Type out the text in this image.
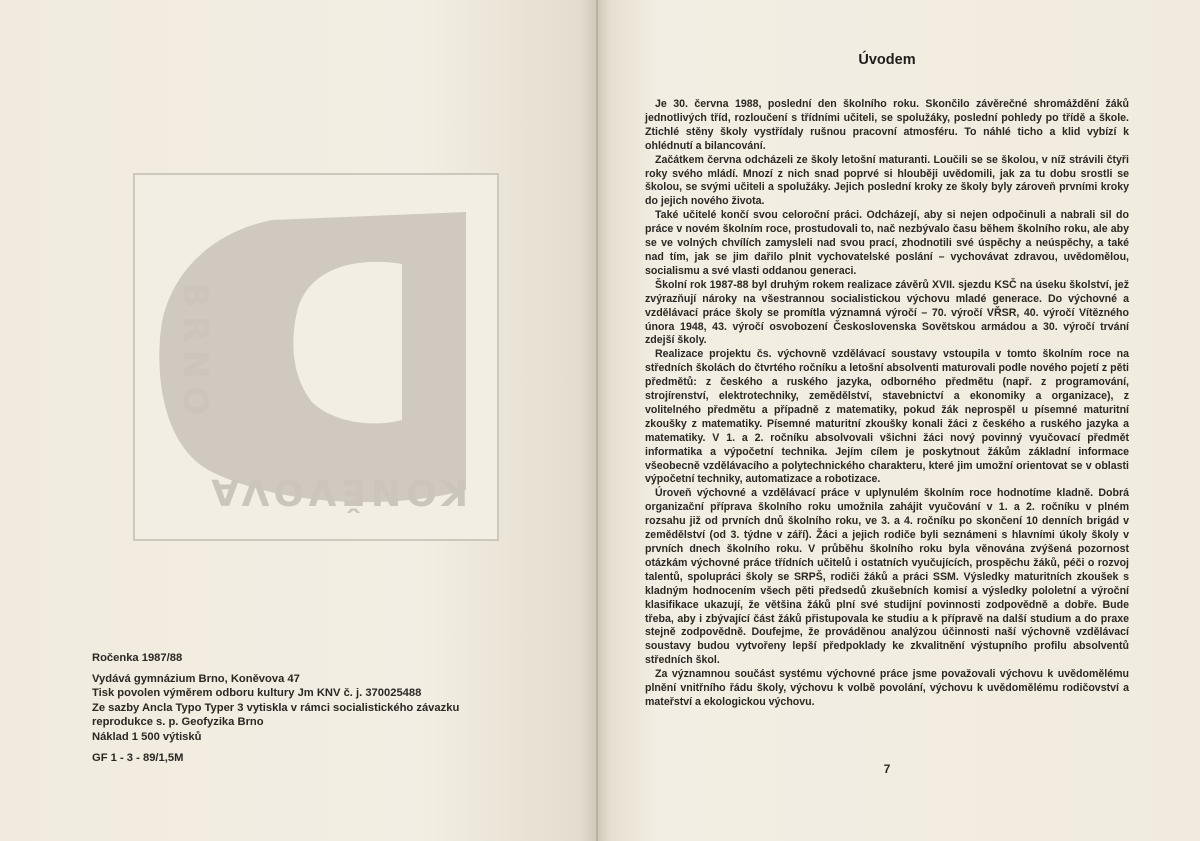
BRNO
KONĚVOVA
Ročenka 1987/88
Vydává gymnázium Brno, Koněvova 47
Tisk povolen výměrem odboru kultury Jm KNV č. j. 370025488
Ze sazby Ancla Typo Typer 3 vytiskla v rámci socialistického závazku
reprodukce s. p. Geofyzika Brno
Náklad 1 500 výtisků
GF 1 - 3 - 89/1,5M
Úvodem

Je 30. června 1988, poslední den školního roku. Skončilo závěrečné shromáždění žáků jednotlivých tříd, rozloučení s třídními učiteli, se spolužáky, poslední pohledy po třídě a škole. Ztichlé stěny školy vystřídaly rušnou pracovní atmosféru. To náhlé ticho a klid vybízí k ohlédnutí a bilancování.

Začátkem června odcházeli ze školy letošní maturanti. Loučili se se školou, v níž strávili čtyři roky svého mládí. Mnozí z nich snad poprvé si hlouběji uvědomili, jak za tu dobu srostli se školou, se svými učiteli a spolužáky. Jejich poslední kroky ze školy byly zároveň prvními kroky do jejich nového života.

Také učitelé končí svou celoroční práci. Odcházejí, aby si nejen odpočinuli a nabrali sil do práce v novém školním roce, prostudovali to, nač nezbývalo času během školního roku, ale aby se ve volných chvílích zamysleli nad svou prací, zhodnotili své úspěchy a neúspěchy, a také nad tím, jak se jim dařilo plnit vychovatelské poslání – vychovávat zdravou, uvědomělou, socialismu a své vlasti oddanou generaci.

Školní rok 1987-88 byl druhým rokem realizace závěrů XVII. sjezdu KSČ na úseku školství, jež zvýrazňují nároky na všestrannou socialistickou výchovu mladé generace. Do výchovné a vzdělávací práce školy se promítla významná výročí – 70. výročí VŘSR, 40. výročí Vítězného února 1948, 43. výročí osvobození Československa Sovětskou armádou a 30. výročí trvání zdejší školy.

Realizace projektu čs. výchovně vzdělávací soustavy vstoupila v tomto školním roce na středních školách do čtvrtého ročníku a letošní absolventi maturovali podle nového pojetí z pěti předmětů: z českého a ruského jazyka, odborného předmětu (např. z programování, strojírenství, elektrotechniky, zemědělství, stavebnictví a ekonomiky a organizace), z volitelného předmětu a případně z matematiky, pokud žák neprospěl u písemné maturitní zkoušky z matematiky. Písemné maturitní zkoušky konali žáci z českého a ruského jazyka a matematiky. V 1. a 2. ročníku absolvovali všichni žáci nový povinný vyučovací předmět informatika a výpočetní technika. Jejím cílem je poskytnout žákům základní informace všeobecně vzdělávacího a polytechnického charakteru, které jim umožní orientovat se v oblasti výpočetní techniky, automatizace a robotizace.

Úroveň výchovné a vzdělávací práce v uplynulém školním roce hodnotíme kladně. Dobrá organizační příprava školního roku umožnila zahájit vyučování v 1. a 2. ročníku v plném rozsahu již od prvních dnů školního roku, ve 3. a 4. ročníku po skončení 10 denních brigád v zemědělství (od 3. týdne v září). Žáci a jejich rodiče byli seznámeni s hlavními úkoly školy v prvních dnech školního roku. V průběhu školního roku byla věnována zvýšená pozornost otázkám výchovné práce třídních učitelů i ostatních vyučujících, prospěchu žáků, péči o rozvoj talentů, spolupráci školy se SRPŠ, rodiči žáků a práci SSM. Výsledky maturitních zkoušek s kladným hodnocením všech pěti předsedů zkušebních komisí a výsledky pololetní a výroční klasifikace ukazují, že většina žáků plní své studijní povinnosti zodpovědně a dobře. Bude třeba, aby i zbývající část žáků přistupovala ke studiu a k přípravě na další studium a do praxe stejně zodpovědně. Doufejme, že prováděnou analýzou účinnosti naší výchovně vzdělávací soustavy budou vytvořeny lepší předpoklady ke zkvalitnění výstupního profilu absolventů středních škol.

Za významnou součást systému výchovné práce jsme považovali výchovu k uvědomělému plnění vnitřního řádu školy, výchovu k volbě povolání, výchovu k uvědomělému rodičovství a mateřství a ekologickou výchovu.

7
